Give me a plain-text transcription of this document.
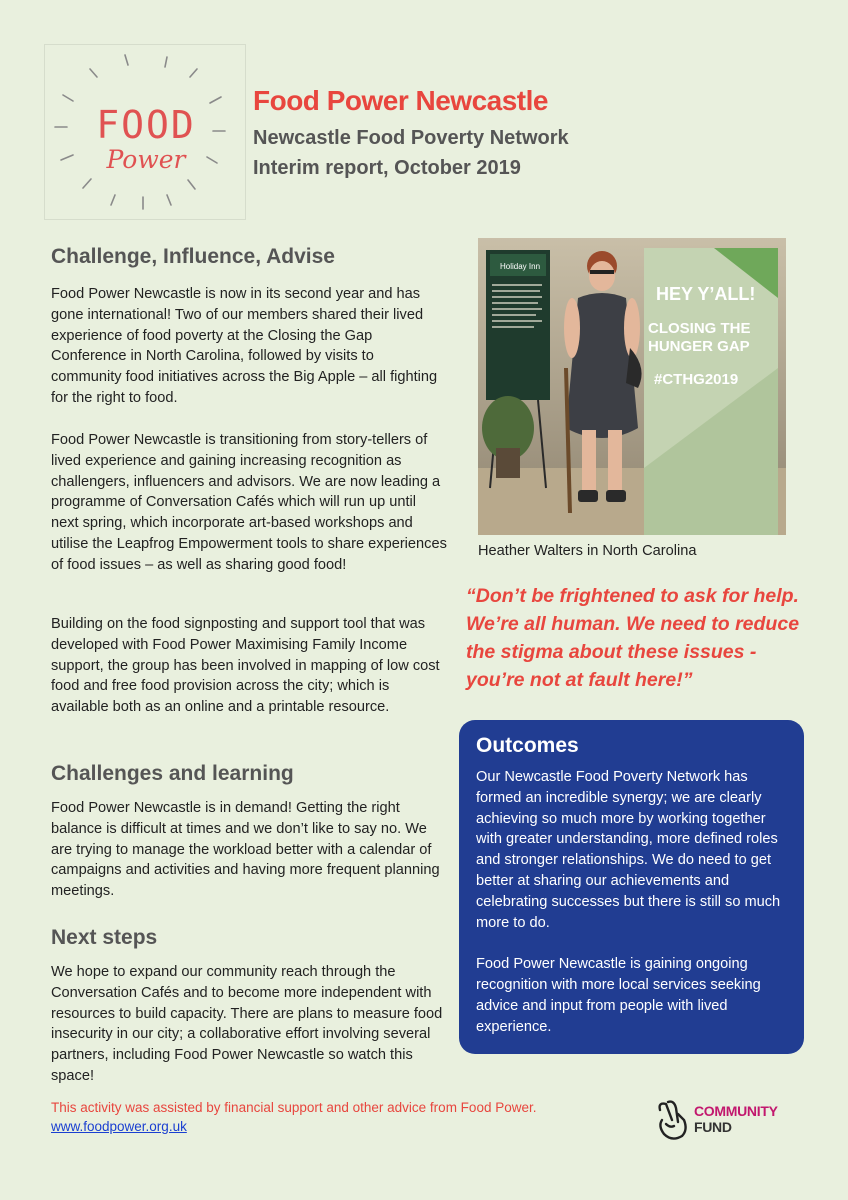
FOOD
Power
Food Power Newcastle
Newcastle Food Poverty Network
Interim report, October 2019
Challenge, Influence, Advise
Food Power Newcastle is now in its second year and has gone international! Two of our members shared their lived experience of food poverty at the Closing the Gap Conference in North Carolina, followed by visits to community food initiatives across the Big Apple – all fighting for the right to food.
Food Power Newcastle is transitioning from story-tellers of lived experience and gaining increasing recognition as challengers, influencers and advisors. We are now leading a programme of Conversation Cafés which will run up until next spring, which incorporate art-based workshops and utilise the Leapfrog Empowerment tools to share experiences of food issues – as well as sharing good food!
Building on the food signposting and support tool that was developed with Food Power Maximising Family Income support, the group has been involved in mapping of low cost food and free food provision across the city; which is available both as an online and a printable resource.
Challenges and learning
Food Power Newcastle is in demand! Getting the right balance is difficult at times and we don’t like to say no. We are trying to manage the workload better with a calendar of campaigns and activities and having more frequent planning meetings.
Next steps
We hope to expand our community reach through the Conversation Cafés and to become more independent with resources to build capacity. There are plans to measure food insecurity in our city; a collaborative effort involving several partners, including Food Power Newcastle so watch this space!
HEY Y’ALL!
CLOSING THE
HUNGER GAP
#CTHG2019
Holiday Inn
Heather Walters in North Carolina
“Don’t be frightened to ask for help. We’re all human. We need to reduce the stigma about these issues - you’re not at fault here!”
Outcomes

Our Newcastle Food Poverty Network has formed an incredible synergy; we are clearly achieving so much more by working together with greater understanding, more defined roles and stronger relationships. We do need to get better at sharing our achievements and celebrating successes but there is still so much more to do.

Food Power Newcastle is gaining ongoing recognition with more local services seeking advice and input from people with lived experience.

This activity was assisted by financial support and other advice from Food Power.
www.foodpower.org.uk
COMMUNITY
FUND
